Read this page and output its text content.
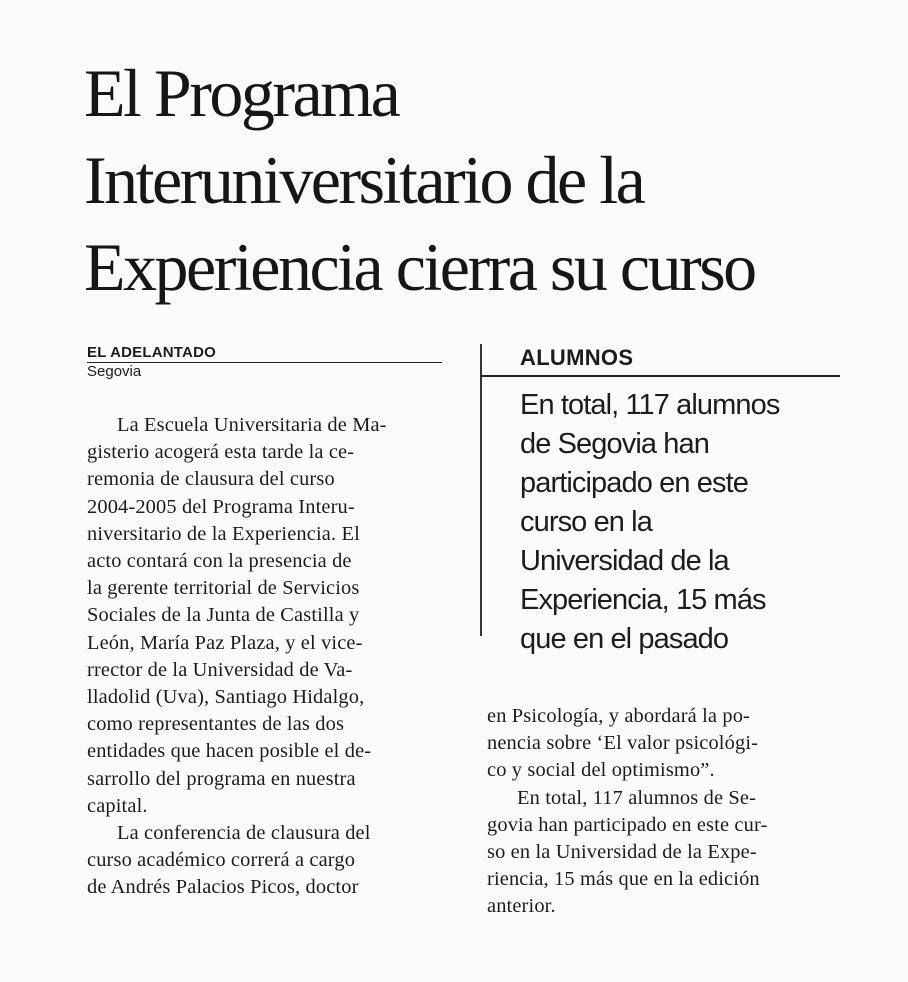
El Programa
Interuniversitario de la
Experiencia cierra su curso
EL ADELANTADO
Segovia
La Escuela Universitaria de Ma-
gisterio acogerá esta tarde la ce-
remonia de clausura del curso
2004-2005 del Programa Interu-
niversitario de la Experiencia. El
acto contará con la presencia de
la gerente territorial de Servicios
Sociales de la Junta de Castilla y
León, María Paz Plaza, y el vice-
rrector de la Universidad de Va-
lladolid (Uva), Santiago Hidalgo,
como representantes de las dos
entidades que hacen posible el de-
sarrollo del programa en nuestra
capital.
La conferencia de clausura del
curso académico correrá a cargo
de Andrés Palacios Picos, doctor
ALUMNOS
En total, 117 alumnos
de Segovia han
participado en este
curso en la
Universidad de la
Experiencia, 15 más
que en el pasado
en Psicología, y abordará la po-
nencia sobre ‘El valor psicológi-
co y social del optimismo”.
En total, 117 alumnos de Se-
govia han participado en este cur-
so en la Universidad de la Expe-
riencia, 15 más que en la edición
anterior.
